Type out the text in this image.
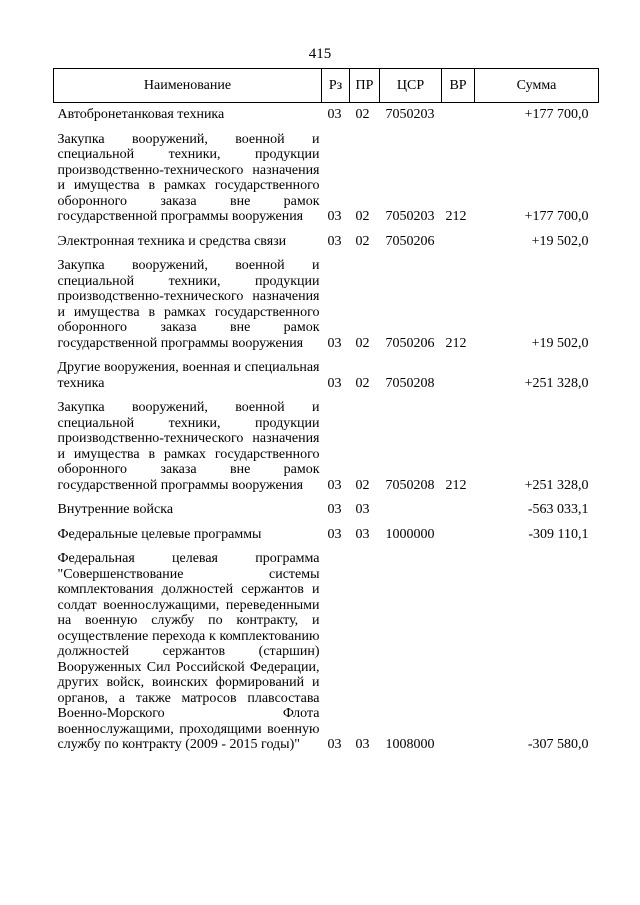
415
Наименование	Рз	ПР	ЦСР	ВР	Сумма
Автобронетанковая техника	03	02	7050203		+177 700,0
Закупка вооружений, военной и специальной техники, продукции производственно-технического назначения и имущества в рамках государственного оборонного заказа вне рамок государственной программы вооружения	03	02	7050203	212	+177 700,0
Электронная техника и средства связи	03	02	7050206		+19 502,0
Закупка вооружений, военной и специальной техники, продукции производственно-технического назначения и имущества в рамках государственного оборонного заказа вне рамок государственной программы вооружения	03	02	7050206	212	+19 502,0
Другие вооружения, военная и специальная техника	03	02	7050208		+251 328,0
Закупка вооружений, военной и специальной техники, продукции производственно-технического назначения и имущества в рамках государственного оборонного заказа вне рамок государственной программы вооружения	03	02	7050208	212	+251 328,0
Внутренние войска	03	03			-563 033,1
Федеральные целевые программы	03	03	1000000		-309 110,1
Федеральная целевая программа "Совершенствование системы комплектования должностей сержантов и солдат военнослужащими, переведенными на военную службу по контракту, и осуществление перехода к комплектованию должностей сержантов (старшин) Вооруженных Сил Российской Федерации, других войск, воинских формирований и органов, а также матросов плавсостава Военно-Морского Флота военнослужащими, проходящими военную службу по контракту (2009 - 2015 годы)"	03	03	1008000		-307 580,0
